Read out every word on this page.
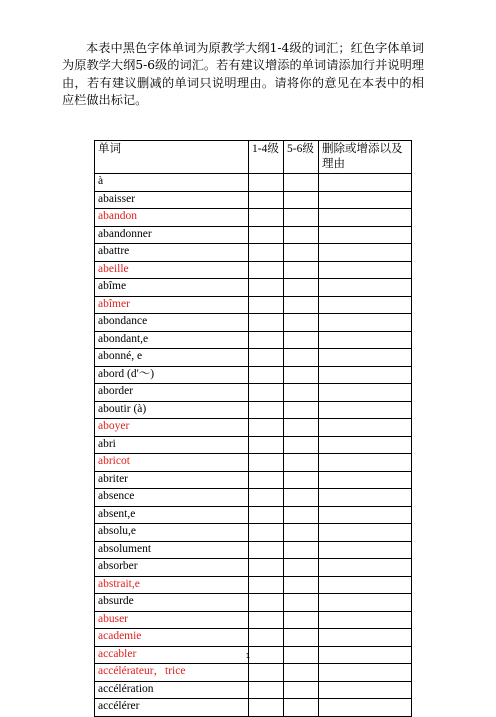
本表中黑色字体单词为原教学大纲1-4级的词汇；红色字体单词为原教学大纲5-6级的词汇。若有建议增添的单词请添加行并说明理由，若有建议删减的单词只说明理由。请将你的意见在本表中的相应栏做出标记。

单词	1-4级	5-6级	删除或增添以及理由
à			
abaisser			
abandon			
abandonner			
abattre			
abeille			
abîme			
abîmer			
abondance			
abondant,e			
abonné, e			
abord (d'～)			
aborder			
aboutir (à)			
aboyer			
abri			
abricot			
abriter			
absence			
absent,e			
absolu,e			
absolument			
absorber			
abstrait,e			
absurde			
abuser			
academie			
accabler			
accélérateur，trice			
accélération			
accélérer			
1
